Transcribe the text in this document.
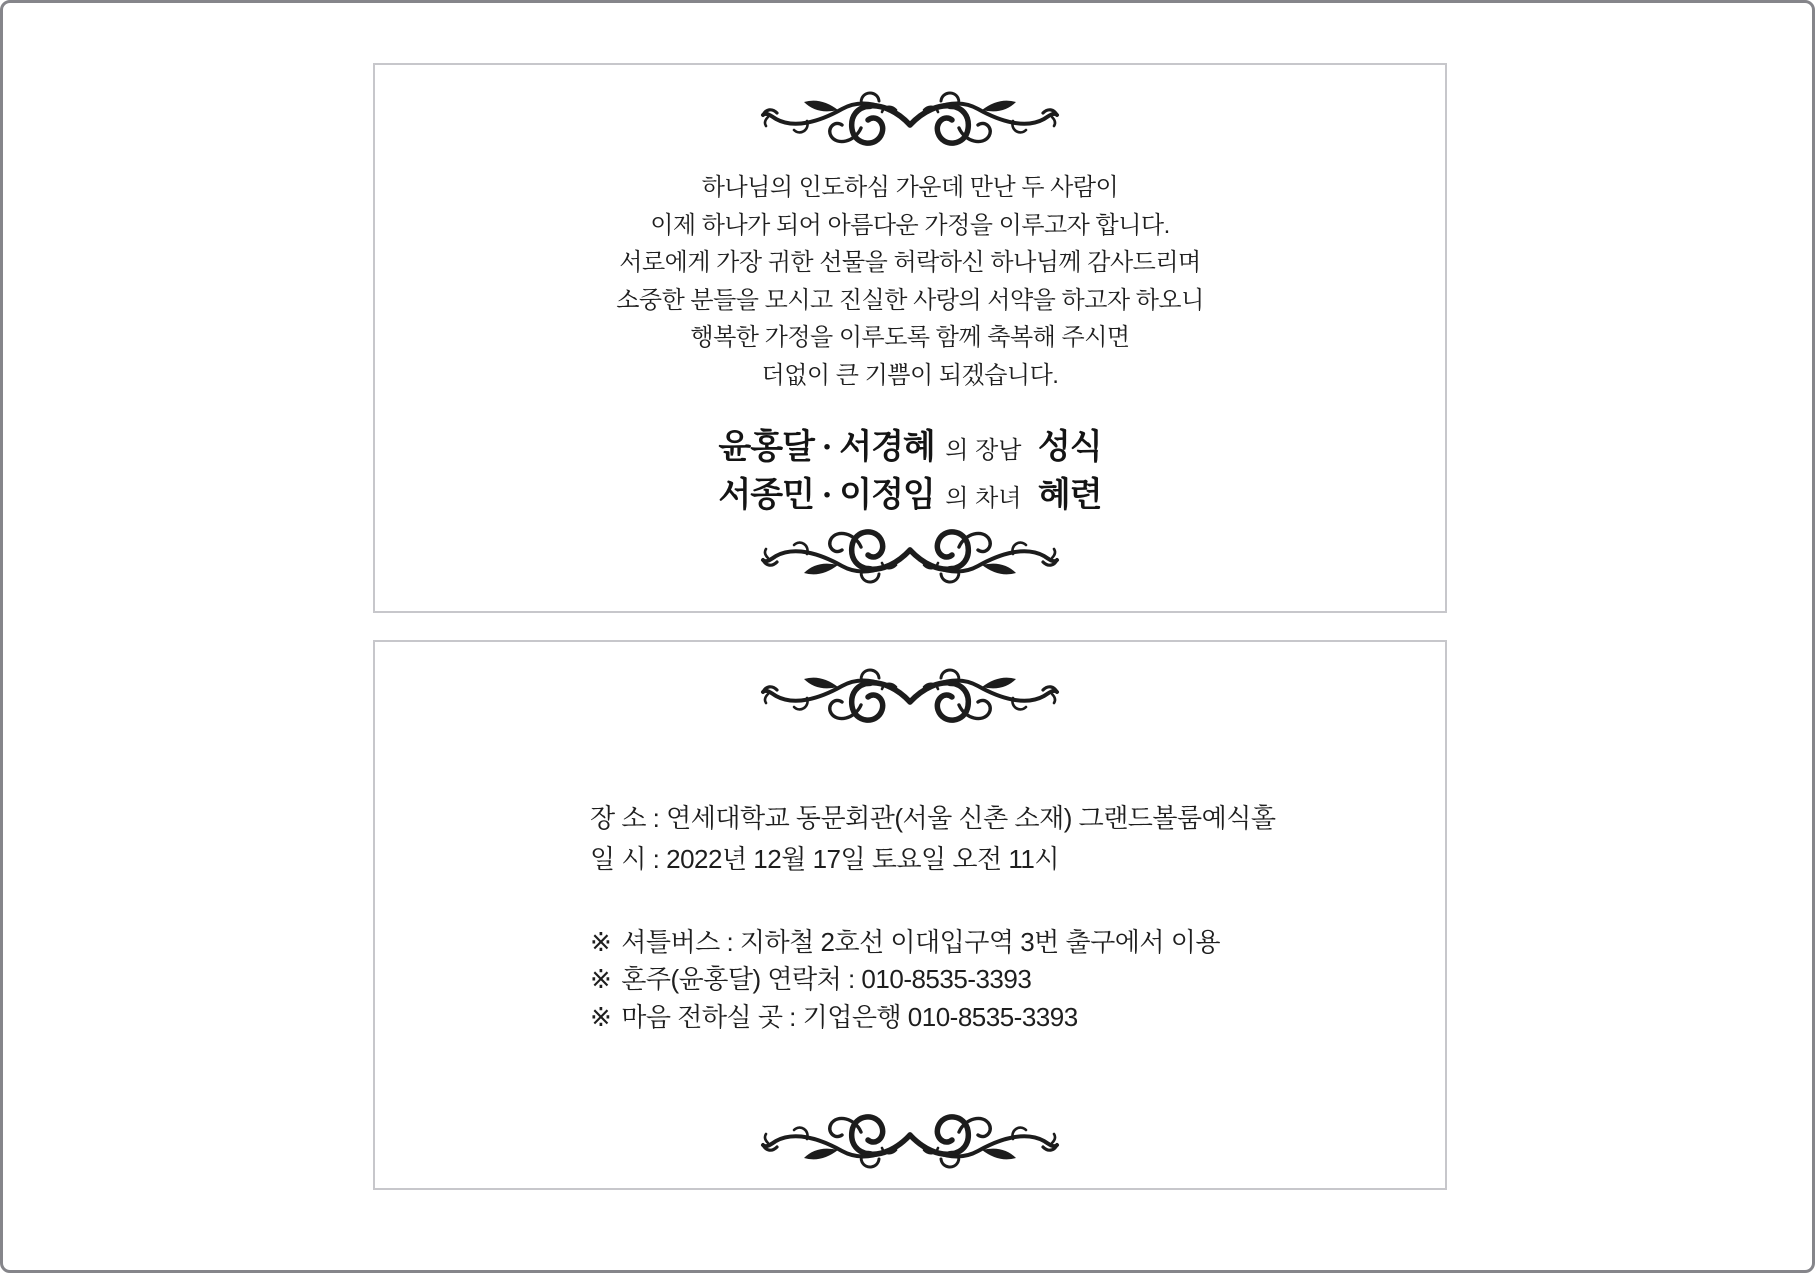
하나님의 인도하심 가운데 만난 두 사람이
이제 하나가 되어 아름다운 가정을 이루고자 합니다.
서로에게 가장 귀한 선물을 허락하신 하나님께 감사드리며
소중한 분들을 모시고 진실한 사랑의 서약을 하고자 하오니
행복한 가정을 이루도록 함께 축복해 주시면
더없이 큰 기쁨이 되겠습니다.
윤홍달 · 서경혜 의 장남 성식
서종민 · 이정임 의 차녀 혜련
장 소 : 연세대학교 동문회관(서울 신촌 소재) 그랜드볼룸예식홀
일 시 : 2022년 12월 17일 토요일 오전 11시
※ 셔틀버스 : 지하철 2호선 이대입구역 3번 출구에서 이용
※ 혼주(윤홍달) 연락처 : 010-8535-3393
※ 마음 전하실 곳 : 기업은행 010-8535-3393
